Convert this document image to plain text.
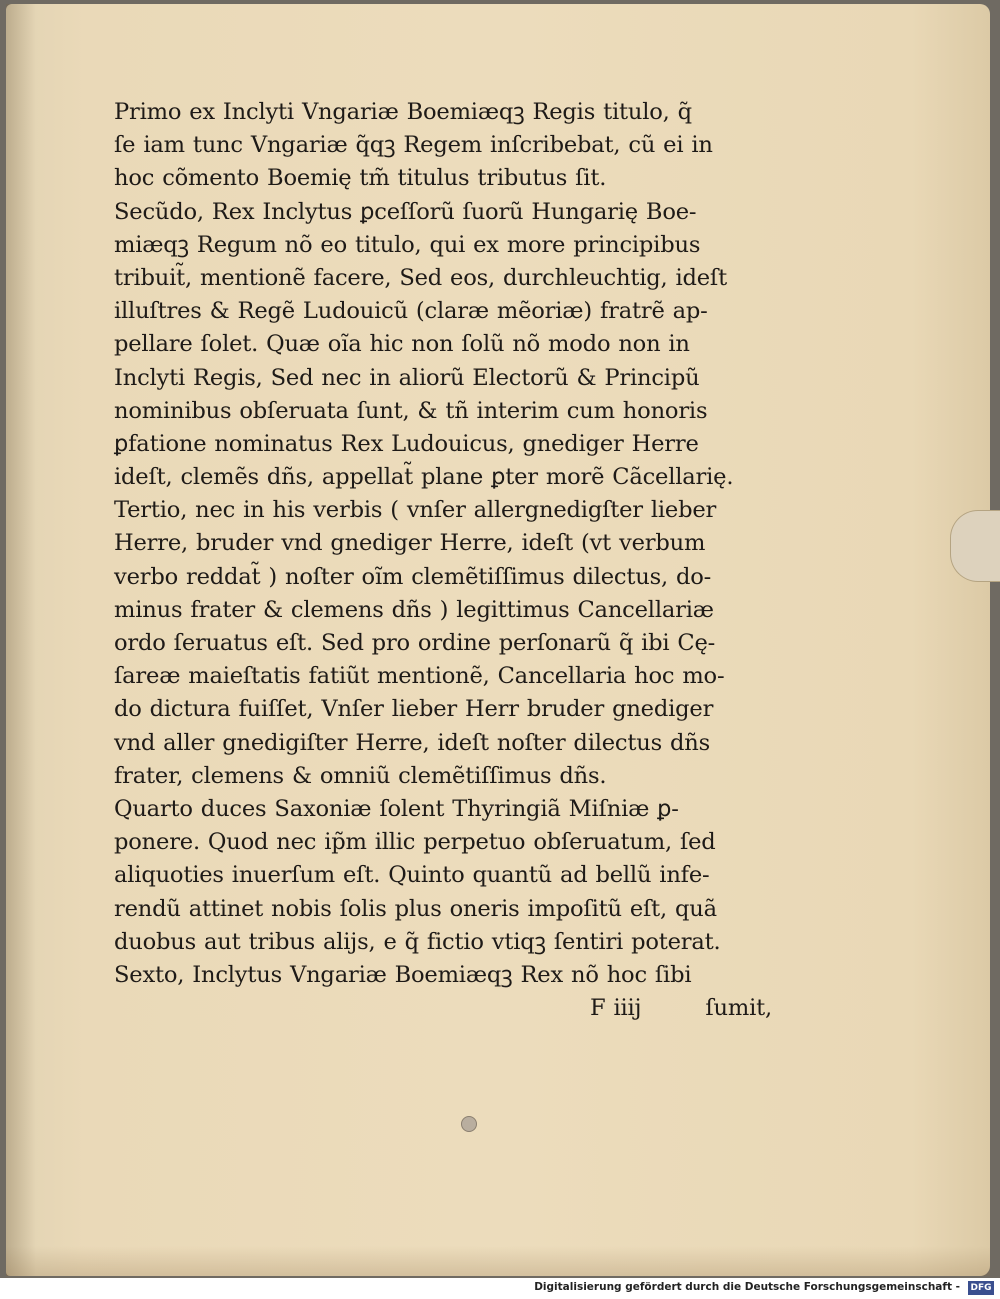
Primo ex Inclyti Vngariæ Boemiæqꝫ Regis titulo, q̃
ſe iam tunc Vngariæ q̃qꝫ Regem inſcribebat, cũ ei in
hoc cõmento Boemię tm̃ titulus tributus ſit.
Secũdo, Rex Inclytus ꝑceſſorũ ſuorũ Hungarię Boe-
miæqꝫ Regum nõ eo titulo, qui ex more principibus
tribuit̃, mentionẽ facere, Sed eos, durchleuchtig, ideſt
illuſtres & Regẽ Ludouicũ (claræ mẽoriæ) fratrẽ ap-
pellare ſolet. Quæ oĩa hic non ſolũ nõ modo non in
Inclyti Regis, Sed nec in aliorũ Electorũ & Principũ
nominibus obſeruata ſunt, & tñ interim cum honoris
ꝑfatione nominatus Rex Ludouicus, gnediger Herre
ideſt, clemẽs dñs, appellat̃ plane ꝑter morẽ Cãcellarię.
Tertio, nec in his verbis ( vnſer allergnedigſter lieber
Herre, bruder vnd gnediger Herre, ideſt (vt verbum
verbo reddat̃ ) noſter oĩm clemẽtiſſimus dilectus, do-
minus frater & clemens dñs ) legittimus Cancellariæ
ordo ſeruatus eſt. Sed pro ordine perſonarũ q̃ ibi Cę-
ſareæ maieſtatis fatiũt mentionẽ, Cancellaria hoc mo-
do dictura fuiſſet, Vnſer lieber Herr bruder gnediger
vnd aller gnedigiſter Herre, ideſt noſter dilectus dñs
frater, clemens & omniũ clemẽtiſſimus dñs.
Quarto duces Saxoniæ ſolent Thyringiã Miſniæ ꝑ-
ponere. Quod nec ip̃m illic perpetuo obſeruatum, ſed
aliquoties inuerſum eſt. Quinto quantũ ad bellũ infe-
rendũ attinet nobis ſolis plus oneris impoſitũ eſt, quã
duobus aut tribus alijs, e q̃ fictio vtiqꝫ ſentiri poterat.
Sexto, Inclytus Vngariæ Boemiæqꝫ Rex nõ hoc ſibi
F iiij	ſumit,
Digitalisierung gefördert durch die Deutsche Forschungsgemeinschaft - DFG
